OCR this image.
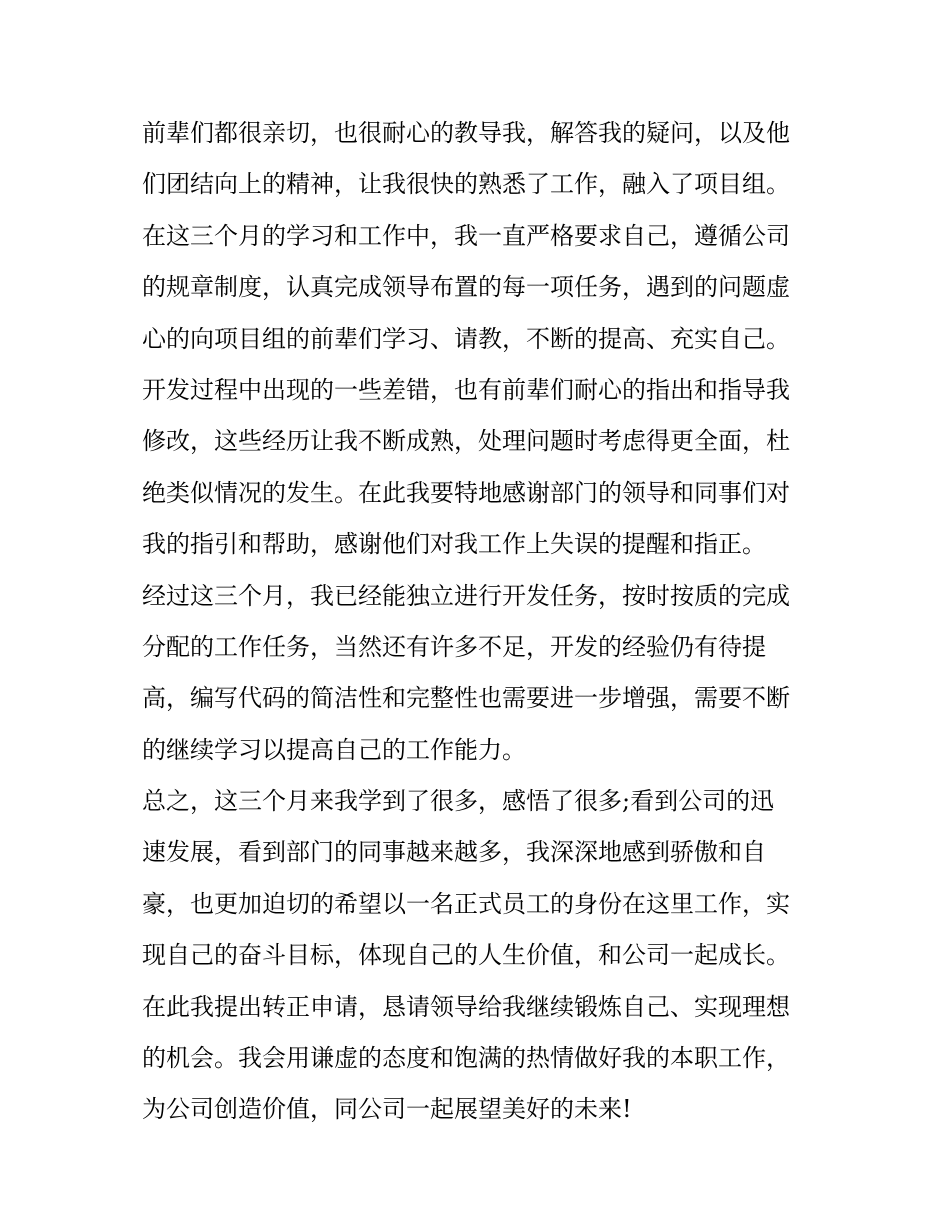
前辈们都很亲切，也很耐心的教导我，解答我的疑问，以及他
们团结向上的精神，让我很快的熟悉了工作，融入了项目组。
在这三个月的学习和工作中，我一直严格要求自己，遵循公司
的规章制度，认真完成领导布置的每一项任务，遇到的问题虚
心的向项目组的前辈们学习、请教，不断的提高、充实自己。
开发过程中出现的一些差错，也有前辈们耐心的指出和指导我
修改，这些经历让我不断成熟，处理问题时考虑得更全面，杜
绝类似情况的发生。在此我要特地感谢部门的领导和同事们对
我的指引和帮助，感谢他们对我工作上失误的提醒和指正。
经过这三个月，我已经能独立进行开发任务，按时按质的完成
分配的工作任务，当然还有许多不足，开发的经验仍有待提
高，编写代码的简洁性和完整性也需要进一步增强，需要不断
的继续学习以提高自己的工作能力。
总之，这三个月来我学到了很多，感悟了很多;看到公司的迅
速发展，看到部门的同事越来越多，我深深地感到骄傲和自
豪，也更加迫切的希望以一名正式员工的身份在这里工作，实
现自己的奋斗目标，体现自己的人生价值，和公司一起成长。
在此我提出转正申请，恳请领导给我继续锻炼自己、实现理想
的机会。我会用谦虚的态度和饱满的热情做好我的本职工作，
为公司创造价值，同公司一起展望美好的未来!
